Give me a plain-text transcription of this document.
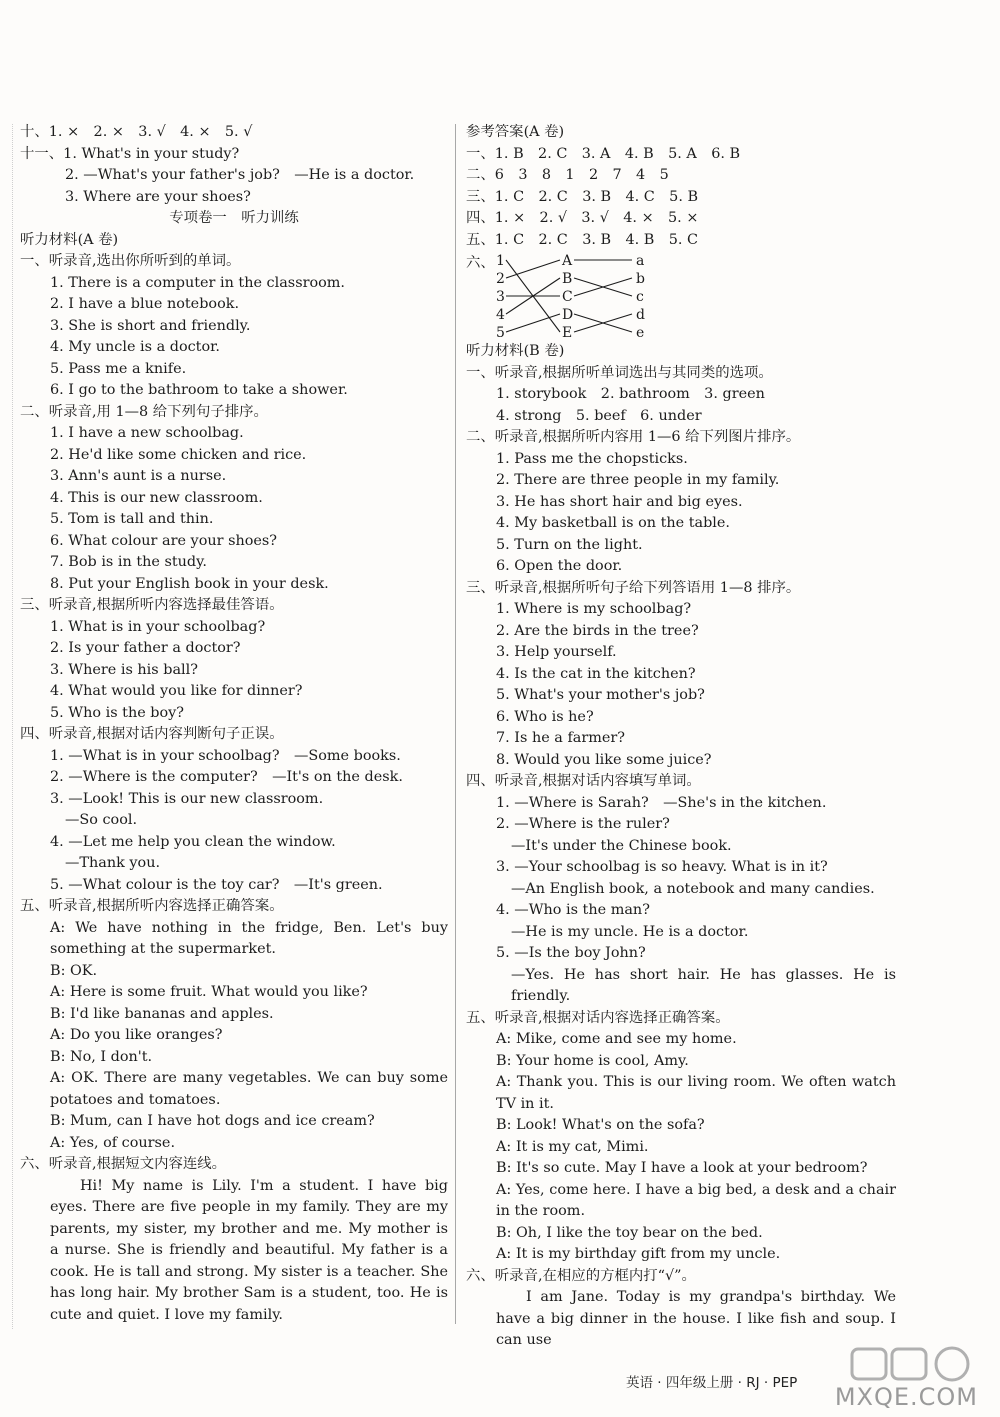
十、1. ×　2. ×　3. √　4. ×　5. √
十一、1. What's in your study?
2. —What's your father's job?　—He is a doctor.
3. Where are your shoes?
专项卷一　听力训练
听力材料(A 卷)
一、听录音,选出你所听到的单词。
1. There is a computer in the classroom.
2. I have a blue notebook.
3. She is short and friendly.
4. My uncle is a doctor.
5. Pass me a knife.
6. I go to the bathroom to take a shower.
二、听录音,用 1—8 给下列句子排序。
1. I have a new schoolbag.
2. He'd like some chicken and rice.
3. Ann's aunt is a nurse.
4. This is our new classroom.
5. Tom is tall and thin.
6. What colour are your shoes?
7. Bob is in the study.
8. Put your English book in your desk.
三、听录音,根据所听内容选择最佳答语。
1. What is in your schoolbag?
2. Is your father a doctor?
3. Where is his ball?
4. What would you like for dinner?
5. Who is the boy?
四、听录音,根据对话内容判断句子正误。
1. —What is in your schoolbag?　—Some books.
2. —Where is the computer?　—It's on the desk.
3. —Look! This is our new classroom.
—So cool.
4. —Let me help you clean the window.
—Thank you.
5. —What colour is the toy car?　—It's green.
五、听录音,根据所听内容选择正确答案。
A: We have nothing in the fridge, Ben. Let's buy something at the supermarket.
B: OK.
A: Here is some fruit. What would you like?
B: I'd like bananas and apples.
A: Do you like oranges?
B: No, I don't.
A: OK. There are many vegetables. We can buy some potatoes and tomatoes.
B: Mum, can I have hot dogs and ice cream?
A: Yes, of course.
六、听录音,根据短文内容连线。
Hi! My name is Lily. I'm a student. I have big eyes. There are five people in my family. They are my parents, my sister, my brother and me. My mother is a nurse. She is friendly and beautiful. My father is a cook. He is tall and strong. My sister is a teacher. She has long hair. My brother Sam is a student, too. He is cute and quiet. I love my family.
参考答案(A 卷)
一、1. B　2. C　3. A　4. B　5. A　6. B
二、6　3　8　1　2　7　4　5
三、1. C　2. C　3. B　4. C　5. B
四、1. ×　2. √　3. √　4. ×　5. ×
五、1. C　2. C　3. B　4. B　5. C
六、 1
2
3
4
5
A
B
C
D
E
a
b
c
d
e
听力材料(B 卷)
一、听录音,根据所听单词选出与其同类的选项。
1. storybook　2. bathroom　3. green
4. strong　5. beef　6. under
二、听录音,根据所听内容用 1—6 给下列图片排序。
1. Pass me the chopsticks.
2. There are three people in my family.
3. He has short hair and big eyes.
4. My basketball is on the table.
5. Turn on the light.
6. Open the door.
三、听录音,根据所听句子给下列答语用 1—8 排序。
1. Where is my schoolbag?
2. Are the birds in the tree?
3. Help yourself.
4. Is the cat in the kitchen?
5. What's your mother's job?
6. Who is he?
7. Is he a farmer?
8. Would you like some juice?
四、听录音,根据对话内容填写单词。
1. —Where is Sarah?　—She's in the kitchen.
2. —Where is the ruler?
—It's under the Chinese book.
3. —Your schoolbag is so heavy. What is in it?
—An English book, a notebook and many candies.
4. —Who is the man?
—He is my uncle. He is a doctor.
5. —Is the boy John?
—Yes. He has short hair. He has glasses. He is friendly.
五、听录音,根据对话内容选择正确答案。
A: Mike, come and see my home.
B: Your home is cool, Amy.
A: Thank you. This is our living room. We often watch TV in it.
B: Look! What's on the sofa?
A: It is my cat, Mimi.
B: It's so cute. May I have a look at your bedroom?
A: Yes, come here. I have a big bed, a desk and a chair in the room.
B: Oh, I like the toy bear on the bed.
A: It is my birthday gift from my uncle.
六、听录音,在相应的方框内打“√”。
I am Jane. Today is my grandpa's birthday. We have a big dinner in the house. I like fish and soup. I can use
英语 · 四年级上册 · RJ · PEP MXQE.COM
